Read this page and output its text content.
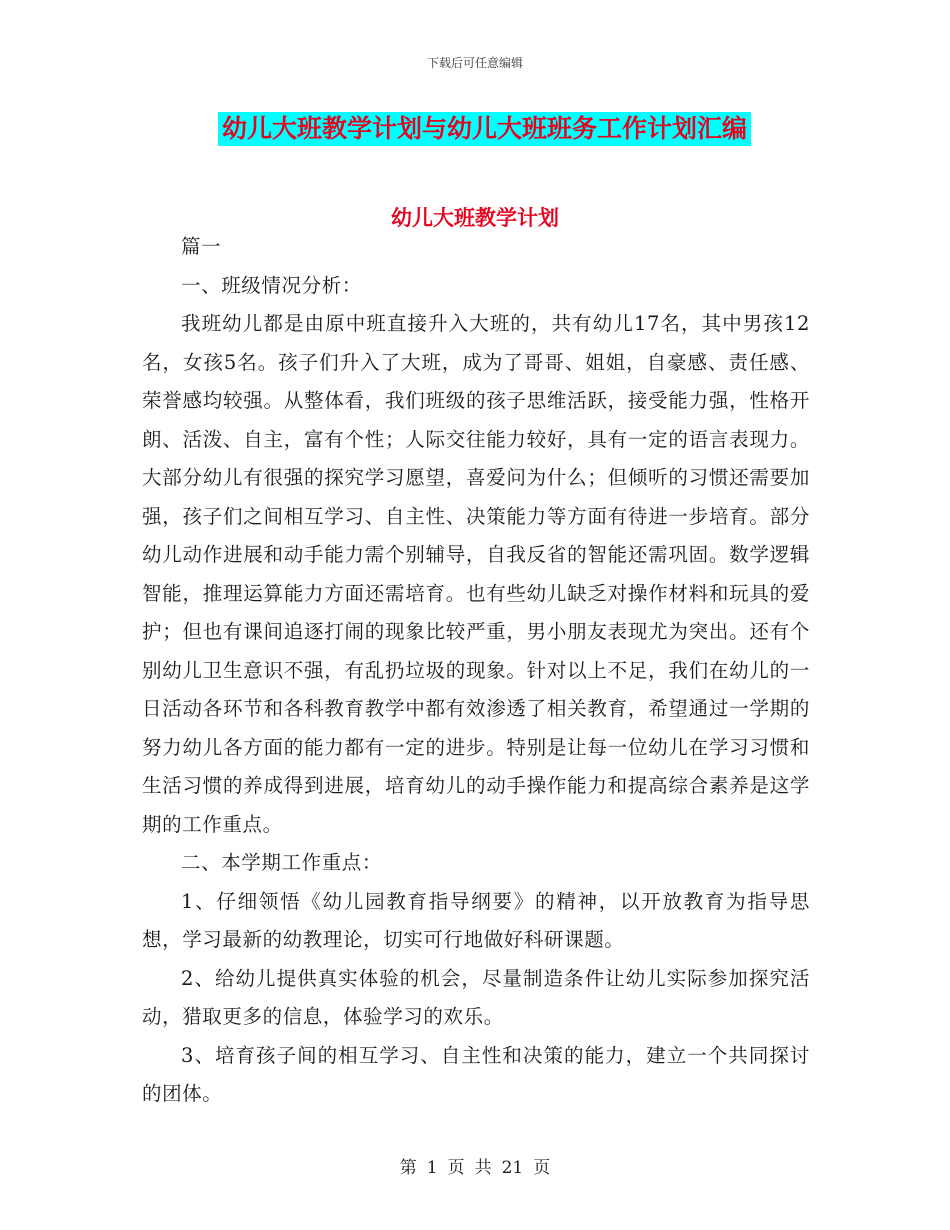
下载后可任意编辑
幼儿大班教学计划与幼儿大班班务工作计划汇编
幼儿大班教学计划

篇一

一、班级情况分析：

我班幼儿都是由原中班直接升入大班的，共有幼儿17名，其中男孩12名，女孩5名。孩子们升入了大班，成为了哥哥、姐姐，自豪感、责任感、荣誉感均较强。从整体看，我们班级的孩子思维活跃，接受能力强，性格开朗、活泼、自主，富有个性；人际交往能力较好，具有一定的语言表现力。大部分幼儿有很强的探究学习愿望，喜爱问为什么；但倾听的习惯还需要加强，孩子们之间相互学习、自主性、决策能力等方面有待进一步培育。部分幼儿动作进展和动手能力需个别辅导，自我反省的智能还需巩固。数学逻辑智能，推理运算能力方面还需培育。也有些幼儿缺乏对操作材料和玩具的爱护；但也有课间追逐打闹的现象比较严重，男小朋友表现尤为突出。还有个别幼儿卫生意识不强，有乱扔垃圾的现象。针对以上不足，我们在幼儿的一日活动各环节和各科教育教学中都有效渗透了相关教育，希望通过一学期的努力幼儿各方面的能力都有一定的进步。特别是让每一位幼儿在学习习惯和生活习惯的养成得到进展，培育幼儿的动手操作能力和提高综合素养是这学期的工作重点。

二、本学期工作重点：

1、仔细领悟《幼儿园教育指导纲要》的精神，以开放教育为指导思想，学习最新的幼教理论，切实可行地做好科研课题。

2、给幼儿提供真实体验的机会，尽量制造条件让幼儿实际参加探究活动，猎取更多的信息，体验学习的欢乐。

3、培育孩子间的相互学习、自主性和决策的能力，建立一个共同探讨的团体。

第 1 页 共 21 页
